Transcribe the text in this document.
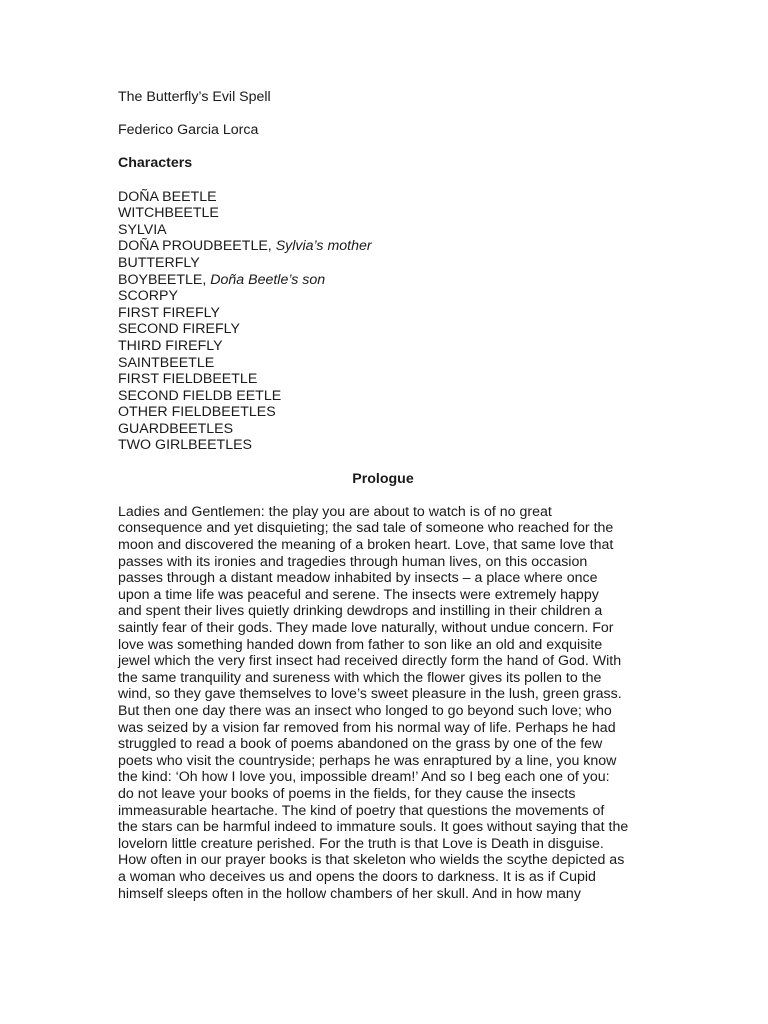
The Butterfly’s Evil Spell
Federico Garcia Lorca
Characters
DOÑA BEETLE
WITCHBEETLE
SYLVIA
DOÑA PROUDBEETLE, Sylvia’s mother
BUTTERFLY
BOYBEETLE, Doña Beetle’s son
SCORPY
FIRST FIREFLY
SECOND FIREFLY
THIRD FIREFLY
SAINTBEETLE
FIRST FIELDBEETLE
SECOND FIELDB EETLE
OTHER FIELDBEETLES
GUARDBEETLES
TWO GIRLBEETLES
Prologue
Ladies and Gentlemen: the play you are about to watch is of no great
consequence and yet disquieting; the sad tale of someone who reached for the
moon and discovered the meaning of a broken heart. Love, that same love that
passes with its ironies and tragedies through human lives, on this occasion
passes through a distant meadow inhabited by insects – a place where once
upon a time life was peaceful and serene. The insects were extremely happy
and spent their lives quietly drinking dewdrops and instilling in their children a
saintly fear of their gods. They made love naturally, without undue concern. For
love was something handed down from father to son like an old and exquisite
jewel which the very first insect had received directly form the hand of God. With
the same tranquility and sureness with which the flower gives its pollen to the
wind, so they gave themselves to love’s sweet pleasure in the lush, green grass.
But then one day there was an insect who longed to go beyond such love; who
was seized by a vision far removed from his normal way of life. Perhaps he had
struggled to read a book of poems abandoned on the grass by one of the few
poets who visit the countryside; perhaps he was enraptured by a line, you know
the kind: ‘Oh how I love you, impossible dream!’ And so I beg each one of you:
do not leave your books of poems in the fields, for they cause the insects
immeasurable heartache. The kind of poetry that questions the movements of
the stars can be harmful indeed to immature souls. It goes without saying that the
lovelorn little creature perished. For the truth is that Love is Death in disguise.
How often in our prayer books is that skeleton who wields the scythe depicted as
a woman who deceives us and opens the doors to darkness. It is as if Cupid
himself sleeps often in the hollow chambers of her skull. And in how many
